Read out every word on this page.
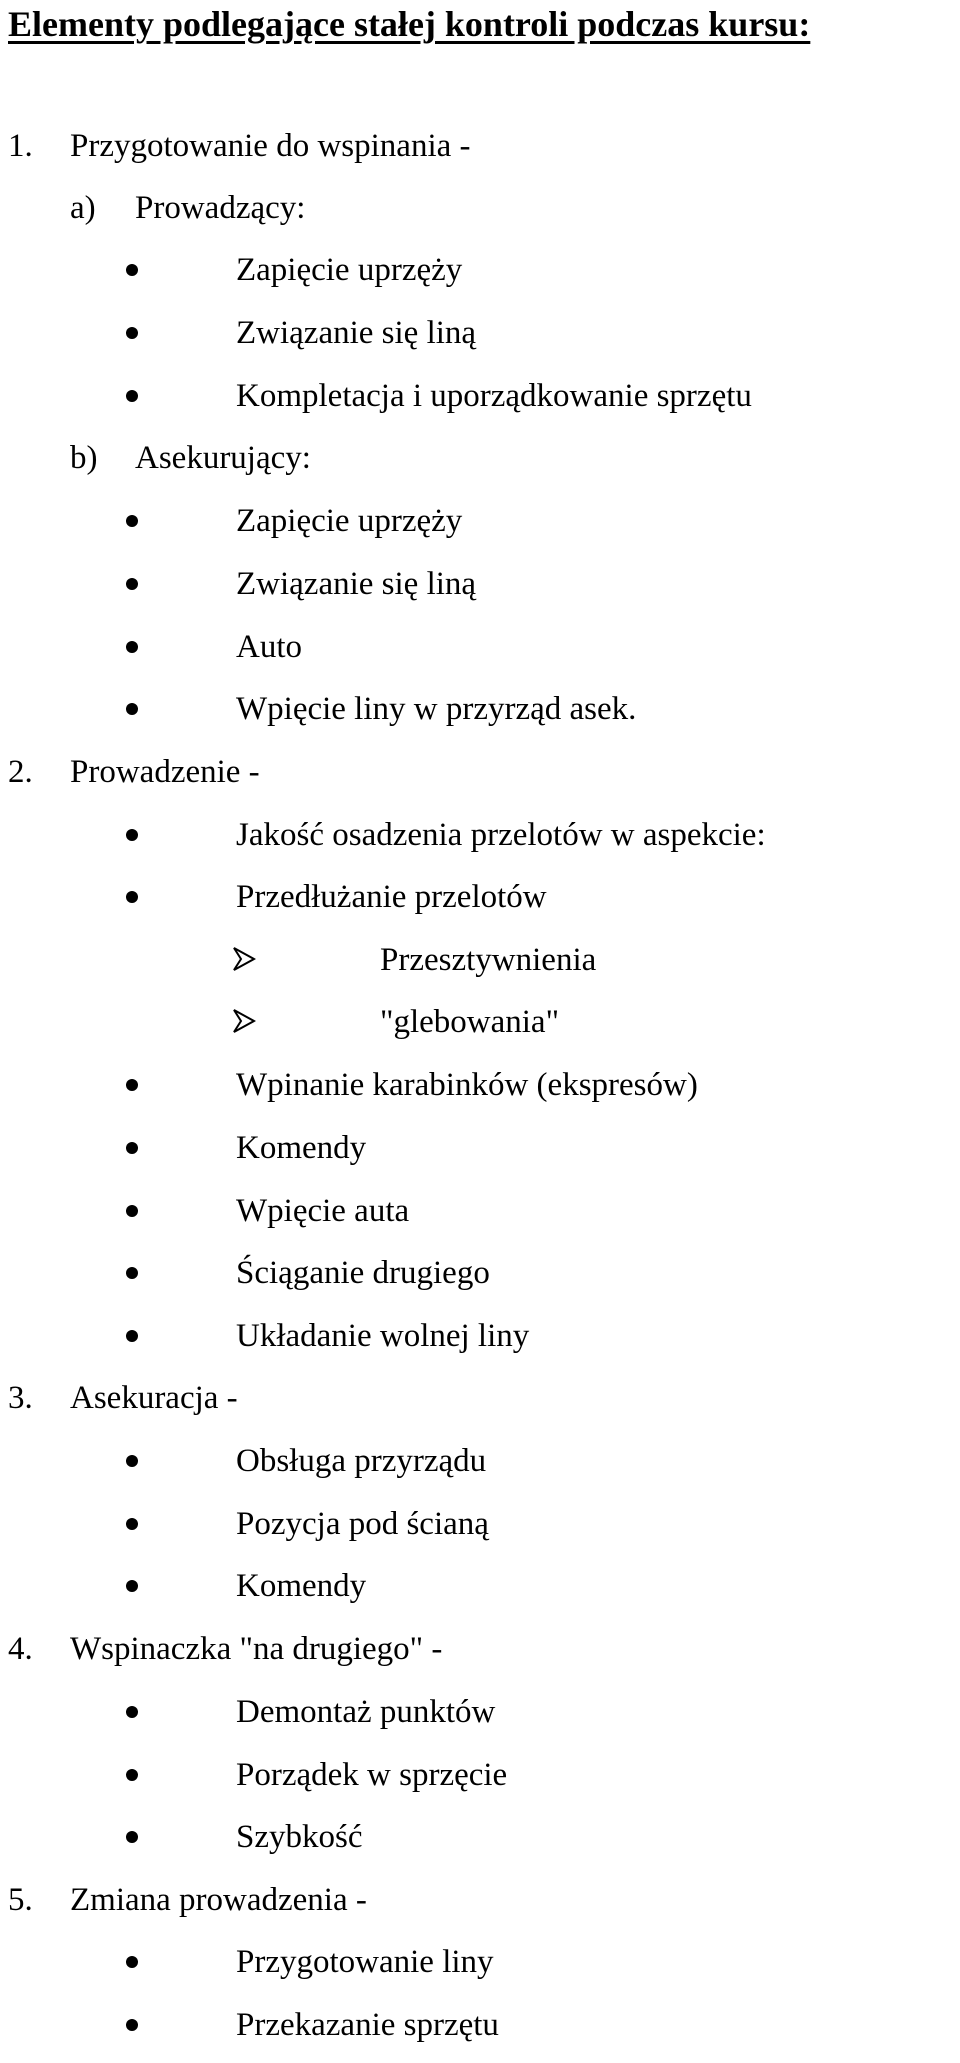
Elementy podlegające stałej kontroli podczas kursu:
1. Przygotowanie do wspinania -
a) Prowadzący:
Zapięcie uprzęży
Związanie się liną
Kompletacja i uporządkowanie sprzętu
b) Asekurujący:
Zapięcie uprzęży
Związanie się liną
Auto
Wpięcie liny w przyrząd asek.
2. Prowadzenie -
Jakość osadzenia przelotów w aspekcie:
Przedłużanie przelotów
Przesztywnienia
"glebowania"
Wpinanie karabinków (ekspresów)
Komendy
Wpięcie auta
Ściąganie drugiego
Układanie wolnej liny
3. Asekuracja -
Obsługa przyrządu
Pozycja pod ścianą
Komendy
4. Wspinaczka "na drugiego" -
Demontaż punktów
Porządek w sprzęcie
Szybkość
5. Zmiana prowadzenia -
Przygotowanie liny
Przekazanie sprzętu
